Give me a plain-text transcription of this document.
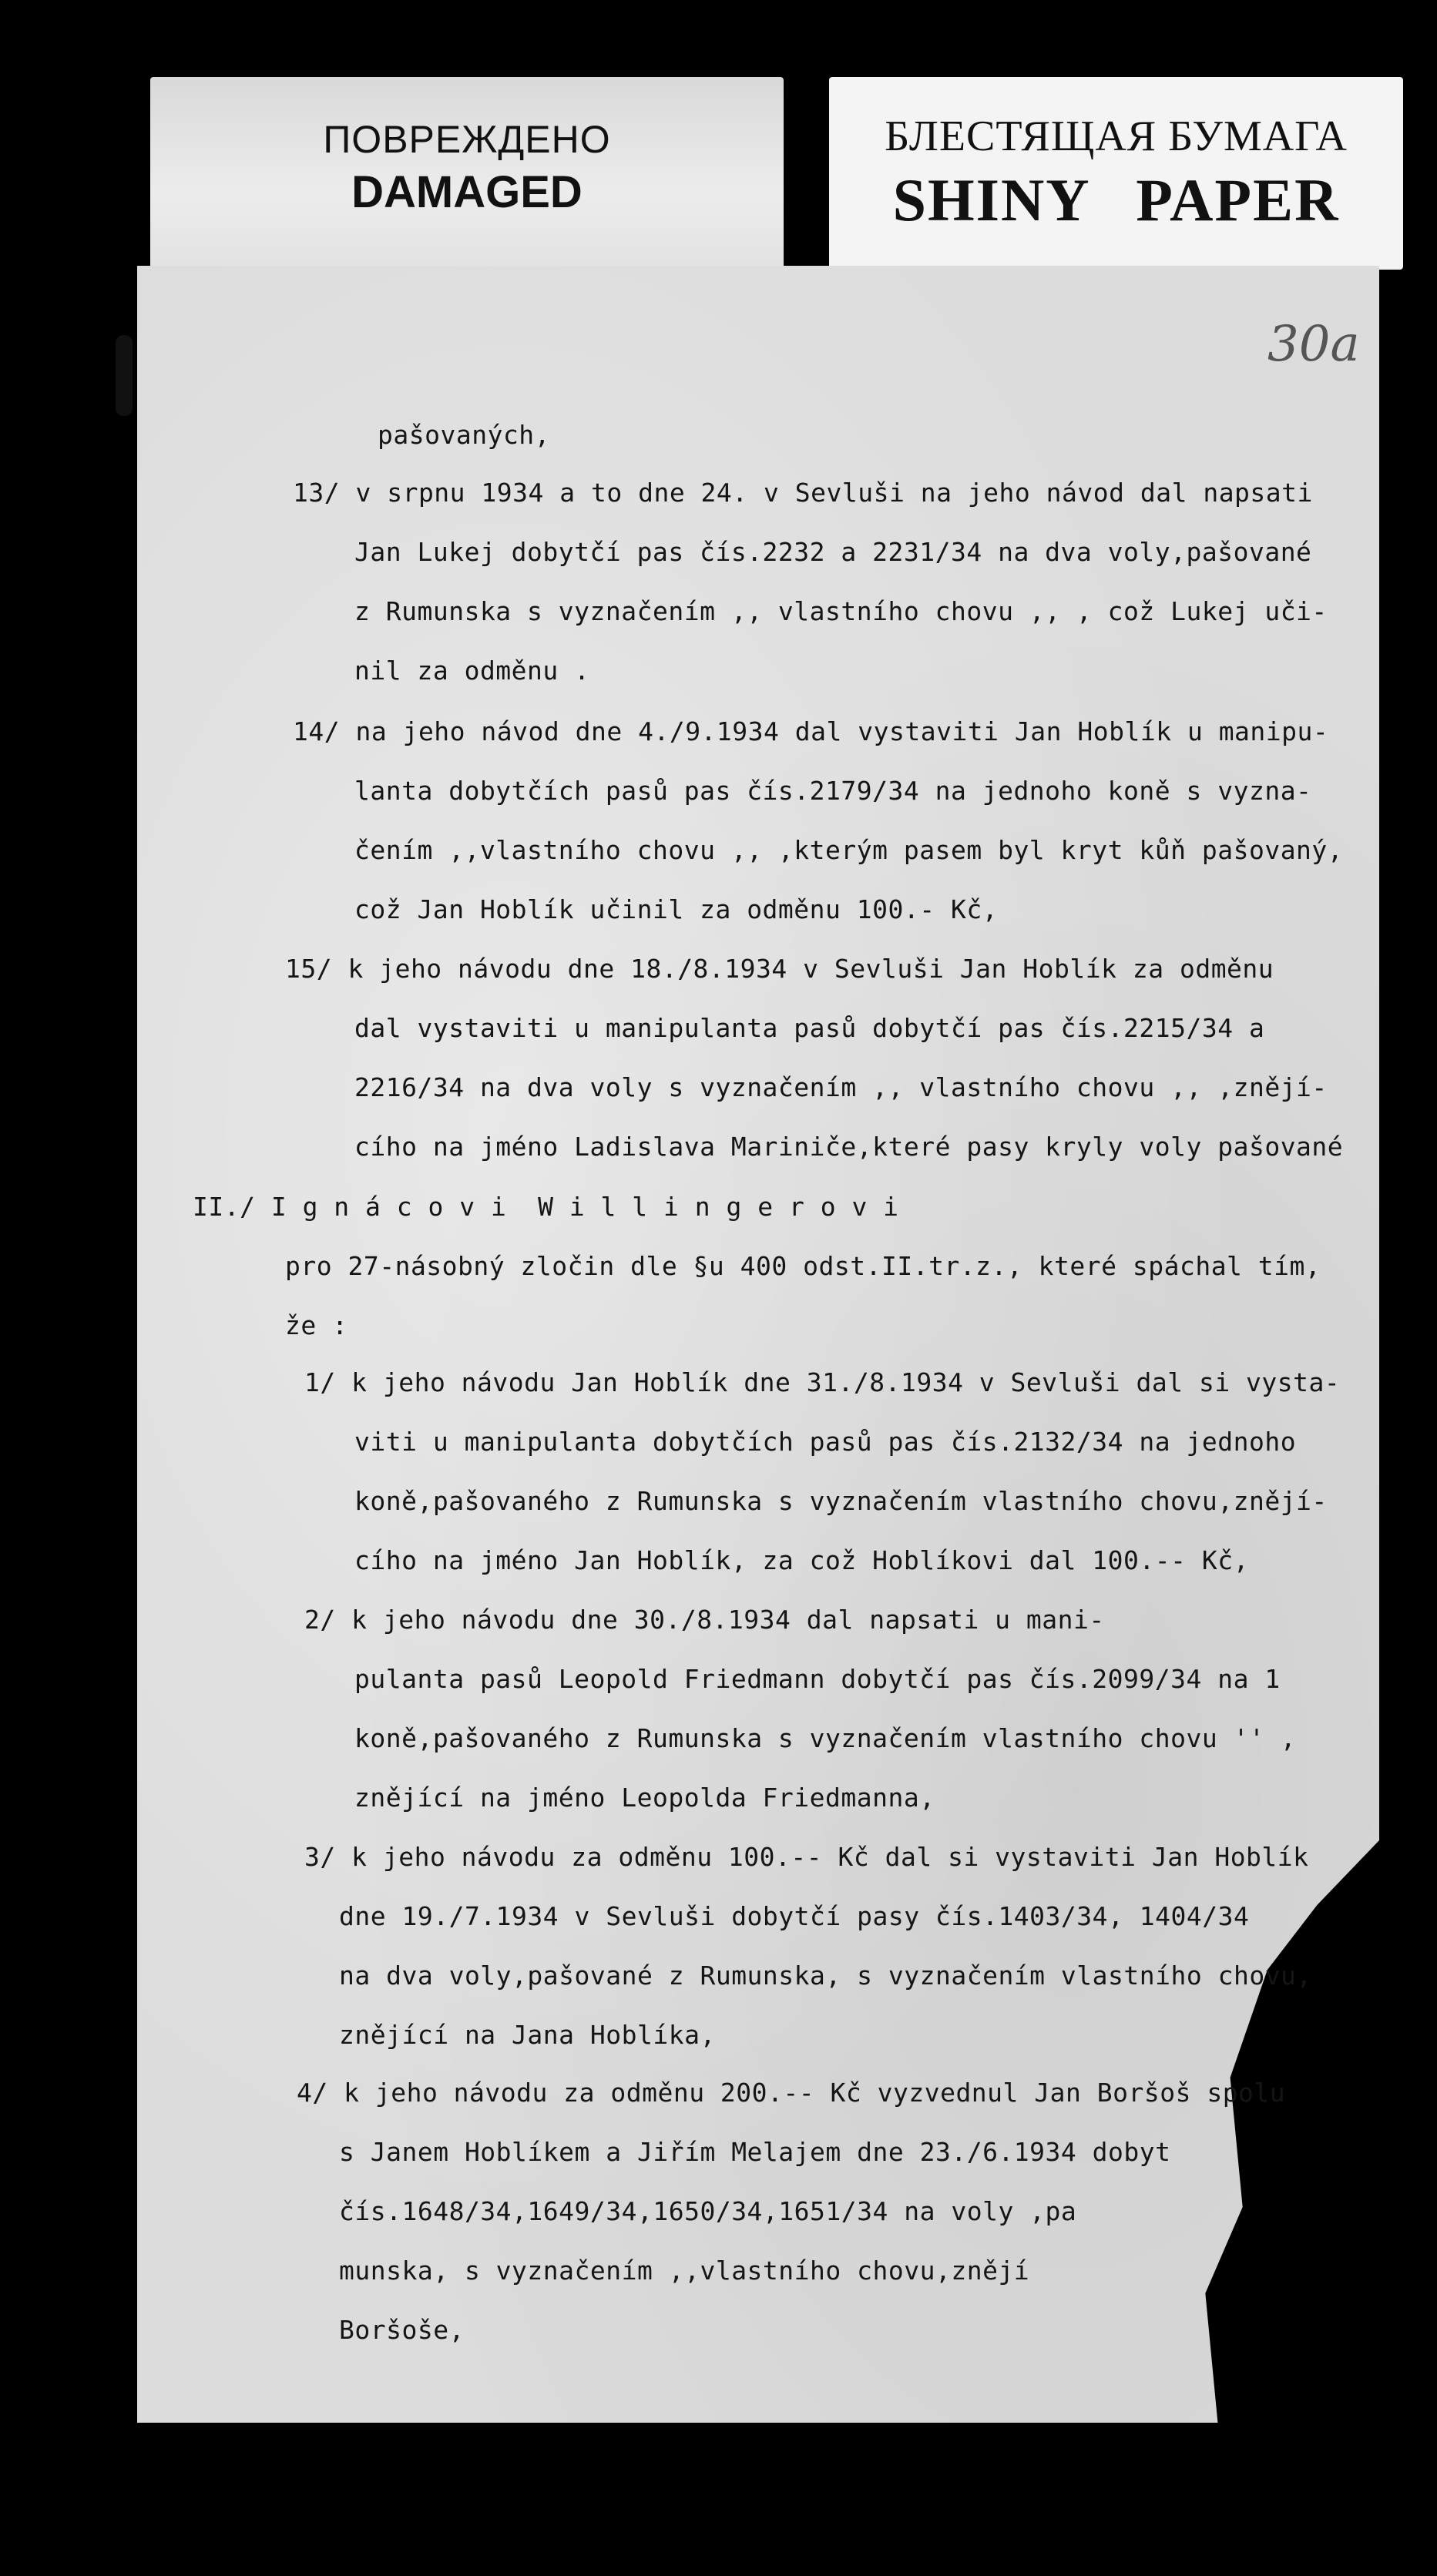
ПОВРЕЖДЕНО
DAMAGED
БЛЕСТЯЩАЯ БУМАГА
SHINY PAPER
30a
pašovaných,
13/ v srpnu 1934 a to dne 24. v Sevluši na jeho návod dal napsati
Jan Lukej dobytčí pas čís.2232 a 2231/34 na dva voly,pašované
z Rumunska s vyznačením ,, vlastního chovu ,, , což Lukej uči-
nil za odměnu .
14/ na jeho návod dne 4./9.1934 dal vystaviti Jan Hoblík u manipu-
lanta dobytčích pasů pas čís.2179/34 na jednoho koně s vyzna-
čením ,,vlastního chovu ,, ,kterým pasem byl kryt kůň pašovaný,
což Jan Hoblík učinil za odměnu 100.- Kč,
15/ k jeho návodu dne 18./8.1934 v Sevluši Jan Hoblík za odměnu
dal vystaviti u manipulanta pasů dobytčí pas čís.2215/34 a
2216/34 na dva voly s vyznačením ,, vlastního chovu ,, ,znějí-
cího na jméno Ladislava Mariniče,které pasy kryly voly pašované
II./ I g n á c o v i  W i l l i n g e r o v i
pro 27-násobný zločin dle §u 400 odst.II.tr.z., které spáchal tím,
že :
1/ k jeho návodu Jan Hoblík dne 31./8.1934 v Sevluši dal si vysta-
viti u manipulanta dobytčích pasů pas čís.2132/34 na jednoho
koně,pašovaného z Rumunska s vyznačením vlastního chovu,znějí-
cího na jméno Jan Hoblík, za což Hoblíkovi dal 100.-- Kč,
2/ k jeho návodu dne 30./8.1934 dal napsati u mani-
pulanta pasů Leopold Friedmann dobytčí pas čís.2099/34 na 1
koně,pašovaného z Rumunska s vyznačením vlastního chovu '' ,
znějící na jméno Leopolda Friedmanna,
3/ k jeho návodu za odměnu 100.-- Kč dal si vystaviti Jan Hoblík
dne 19./7.1934 v Sevluši dobytčí pasy čís.1403/34, 1404/34
na dva voly,pašované z Rumunska, s vyznačením vlastního chovu,
znějící na Jana Hoblíka,
4/ k jeho návodu za odměnu 200.-- Kč vyzvednul Jan Boršoš spolu
s Janem Hoblíkem a Jiřím Melajem dne 23./6.1934 dobyt
čís.1648/34,1649/34,1650/34,1651/34 na voly ,pa
munska, s vyznačením ,,vlastního chovu,znějí
Boršoše,
